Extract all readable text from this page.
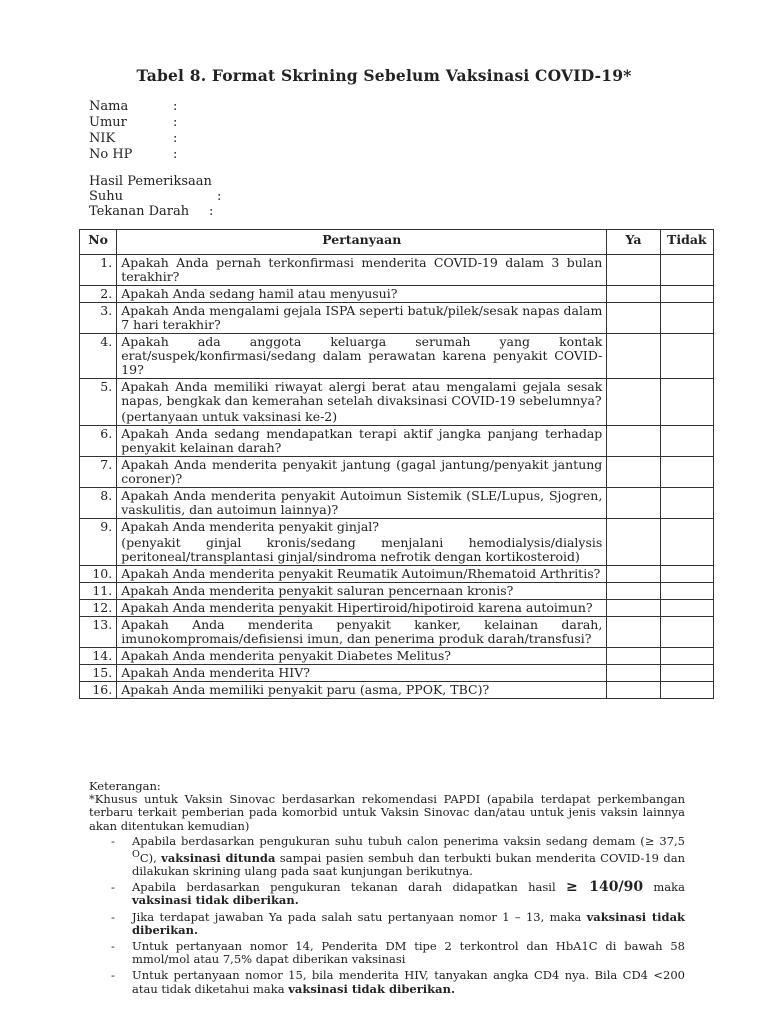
Tabel 8. Format Skrining Sebelum Vaksinasi COVID-19*
Nama	:
Umur	:
NIK	:
No HP	:
Hasil Pemeriksaan
Suhu	:
Tekanan Darah	:
No	Pertanyaan	Ya	Tidak
1.	Apakah Anda pernah terkonfirmasi menderita COVID-19 dalam 3 bulan terakhir?		
2.	Apakah Anda sedang hamil atau menyusui?		
3.	Apakah Anda mengalami gejala ISPA seperti batuk/pilek/sesak napas dalam 7 hari terakhir?		
4.	Apakah ada anggota keluarga serumah yang kontak erat/suspek/konfirmasi/sedang dalam perawatan karena penyakit COVID-19?		
5.	Apakah Anda memiliki riwayat alergi berat atau mengalami gejala sesak napas, bengkak dan kemerahan setelah divaksinasi COVID-19 sebelumnya?
(pertanyaan untuk vaksinasi ke-2)		

6.	Apakah Anda sedang mendapatkan terapi aktif jangka panjang terhadap penyakit kelainan darah?		
7.	Apakah Anda menderita penyakit jantung (gagal jantung/penyakit jantung coroner)?		
8.	Apakah Anda menderita penyakit Autoimun Sistemik (SLE/Lupus, Sjogren, vaskulitis, dan autoimun lainnya)?		
9.	Apakah Anda menderita penyakit ginjal?
(penyakit ginjal kronis/sedang menjalani hemodialysis/dialysis peritoneal/transplantasi ginjal/sindroma nefrotik dengan kortikosteroid)		

10.	Apakah Anda menderita penyakit Reumatik Autoimun/Rhematoid Arthritis?		
11.	Apakah Anda menderita penyakit saluran pencernaan kronis?		
12.	Apakah Anda menderita penyakit Hipertiroid/hipotiroid karena autoimun?		
13.	Apakah Anda menderita penyakit kanker, kelainan darah, imunokompromais/defisiensi imun, dan penerima produk darah/transfusi?		
14.	Apakah Anda menderita penyakit Diabetes Melitus?		
15.	Apakah Anda menderita HIV?		
16.	Apakah Anda memiliki penyakit paru (asma, PPOK, TBC)?		

Keterangan:

*Khusus untuk Vaksin Sinovac berdasarkan rekomendasi PAPDI (apabila terdapat perkembangan terbaru terkait pemberian pada komorbid untuk Vaksin Sinovac dan/atau untuk jenis vaksin lainnya akan ditentukan kemudian)

- Apabila berdasarkan pengukuran suhu tubuh calon penerima vaksin sedang demam (≥ 37,5 $^O$C), vaksinasi ditunda sampai pasien sembuh dan terbukti bukan menderita COVID-19 dan dilakukan skrining ulang pada saat kunjungan berikutnya.
- Apabila berdasarkan pengukuran tekanan darah didapatkan hasil ≥ 140/90 maka vaksinasi tidak diberikan.
- Jika terdapat jawaban Ya pada salah satu pertanyaan nomor 1 – 13, maka vaksinasi tidak diberikan.
- Untuk pertanyaan nomor 14, Penderita DM tipe 2 terkontrol dan HbA1C di bawah 58 mmol/mol atau 7,5% dapat diberikan vaksinasi
- Untuk pertanyaan nomor 15, bila menderita HIV, tanyakan angka CD4 nya. Bila CD4 <200 atau tidak diketahui maka vaksinasi tidak diberikan.
